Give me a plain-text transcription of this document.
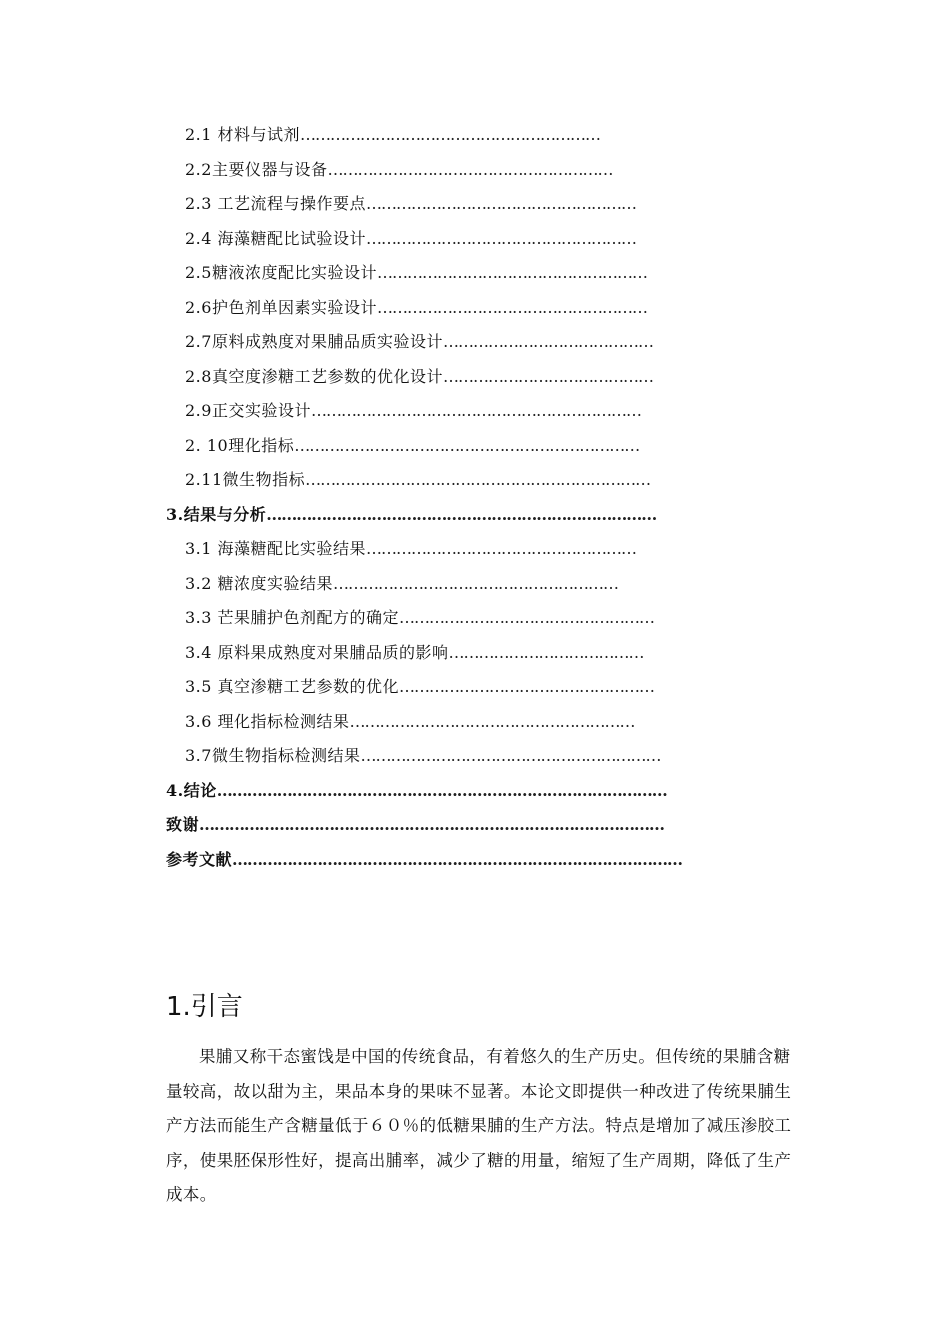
2.1 材料与试剂……………………………………………………
2.2主要仪器与设备…………………………………………………
2.3 工艺流程与操作要点………………………………………………
2.4 海藻糖配比试验设计………………………………………………
2.5糖液浓度配比实验设计………………………………………………
2.6护色剂单因素实验设计………………………………………………
2.7原料成熟度对果脯品质实验设计……………………………………
2.8真空度渗糖工艺参数的优化设计……………………………………
2.9正交实验设计…………………………………………………………
2. 10理化指标……………………………………………………………
2.11微生物指标……………………………………………………………
3.结果与分析……………………………………………………………………
3.1 海藻糖配比实验结果………………………………………………
3.2 糖浓度实验结果…………………………………………………
3.3 芒果脯护色剂配方的确定……………………………………………
3.4 原料果成熟度对果脯品质的影响…………………………………
3.5 真空渗糖工艺参数的优化……………………………………………
3.6 理化指标检测结果…………………………………………………
3.7微生物指标检测结果……………………………………………………
4.结论………………………………………………………………………………
致谢…………………………………………………………………………………
参考文献………………………………………………………………………………
1.引言

果脯又称干态蜜饯是中国的传统食品，有着悠久的生产历史。但传统的果脯含糖量较高，故以甜为主，果品本身的果味不显著。本论文即提供一种改进了传统果脯生产方法而能生产含糖量低于６０％的低糖果脯的生产方法。特点是增加了减压渗胶工序，使果胚保形性好，提高出脯率，减少了糖的用量，缩短了生产周期，降低了生产成本。
